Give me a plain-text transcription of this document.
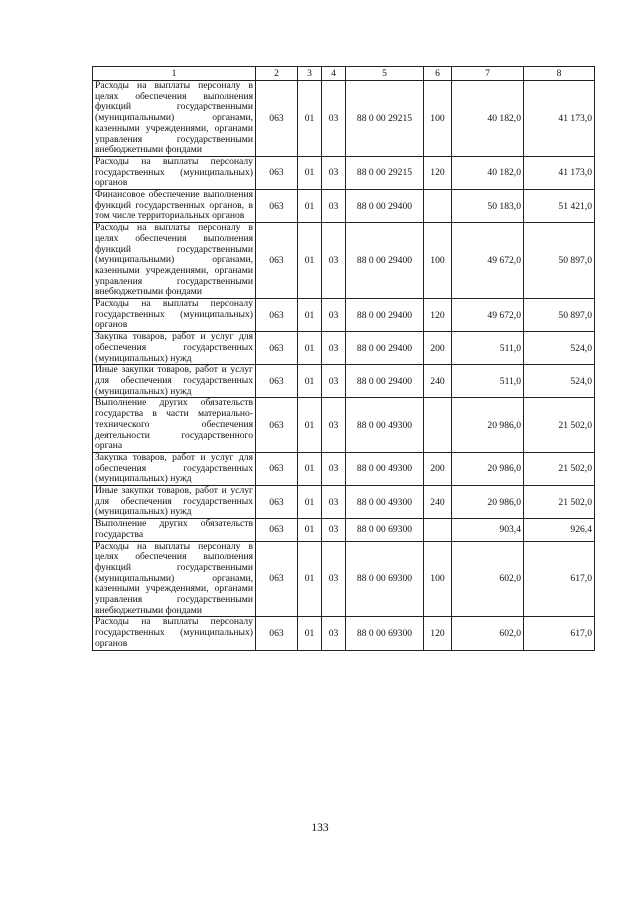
1	2	3	4	5	6	7	8
Расходы на выплаты персоналу в целях обеспечения выполнения функций государственными (муниципальными) органами, казенными учреждениями, органами управления государственными внебюджетными фондами	063	01	03	88 0 00 29215	100	40 182,0	41 173,0
Расходы на выплаты персоналу государственных (муниципальных) органов	063	01	03	88 0 00 29215	120	40 182,0	41 173,0
Финансовое обеспечение выполнения функций государственных органов, в том числе территориальных органов	063	01	03	88 0 00 29400		50 183,0	51 421,0
Расходы на выплаты персоналу в целях обеспечения выполнения функций государственными (муниципальными) органами, казенными учреждениями, органами управления государственными внебюджетными фондами	063	01	03	88 0 00 29400	100	49 672,0	50 897,0
Расходы на выплаты персоналу государственных (муниципальных) органов	063	01	03	88 0 00 29400	120	49 672,0	50 897,0
Закупка товаров, работ и услуг для обеспечения государственных (муниципальных) нужд	063	01	03	88 0 00 29400	200	511,0	524,0
Иные закупки товаров, работ и услуг для обеспечения государственных (муниципальных) нужд	063	01	03	88 0 00 29400	240	511,0	524,0
Выполнение других обязательств государства в части материально-технического обеспечения деятельности государственного органа	063	01	03	88 0 00 49300		20 986,0	21 502,0
Закупка товаров, работ и услуг для обеспечения государственных (муниципальных) нужд	063	01	03	88 0 00 49300	200	20 986,0	21 502,0
Иные закупки товаров, работ и услуг для обеспечения государственных (муниципальных) нужд	063	01	03	88 0 00 49300	240	20 986,0	21 502,0
Выполнение других обязательств государства	063	01	03	88 0 00 69300		903,4	926,4
Расходы на выплаты персоналу в целях обеспечения выполнения функций государственными (муниципальными) органами, казенными учреждениями, органами управления государственными внебюджетными фондами	063	01	03	88 0 00 69300	100	602,0	617,0
Расходы на выплаты персоналу государственных (муниципальных) органов	063	01	03	88 0 00 69300	120	602,0	617,0
133
